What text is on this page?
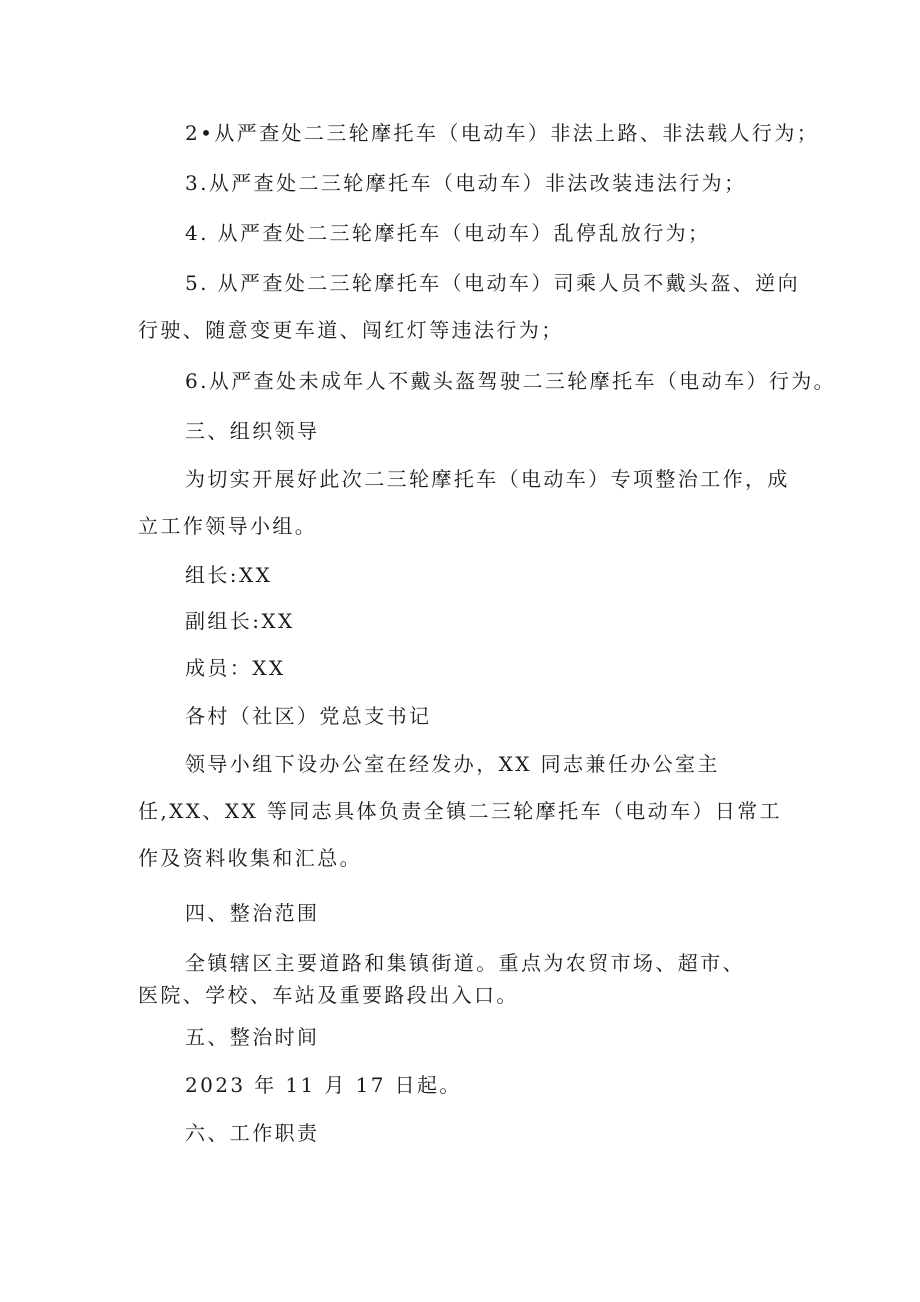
2•从严查处二三轮摩托车（电动车）非法上路、非法载人行为；

3.从严查处二三轮摩托车（电动车）非法改装违法行为；

4. 从严查处二三轮摩托车（电动车）乱停乱放行为；

5. 从严查处二三轮摩托车（电动车）司乘人员不戴头盔、逆向行驶、随意变更车道、闯红灯等违法行为；

6.从严查处未成年人不戴头盔驾驶二三轮摩托车（电动车）行为。

三、组织领导

为切实开展好此次二三轮摩托车（电动车）专项整治工作，成立工作领导小组。

组长:XX

副组长:XX

成员：XX

各村（社区）党总支书记

领导小组下设办公室在经发办，XX 同志兼任办公室主任,XX、XX 等同志具体负责全镇二三轮摩托车（电动车）日常工作及资料收集和汇总。

四、整治范围

全镇辖区主要道路和集镇街道。重点为农贸市场、超市、

医院、学校、车站及重要路段出入口。

五、整治时间

2023 年 11 月 17 日起。

六、工作职责
